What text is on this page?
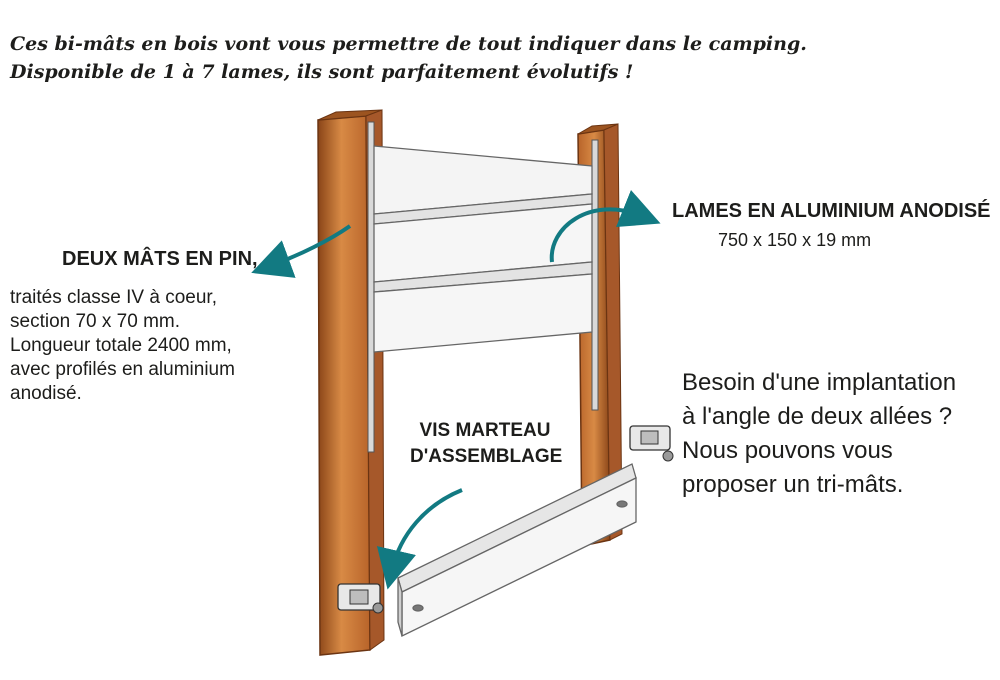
Ces bi-mâts en bois vont vous permettre de tout indiquer dans le camping.
Disponible de 1 à 7 lames, ils sont parfaitement évolutifs !

DEUX MÂTS EN PIN,

traités classe IV à coeur,
section 70 x 70 mm.
Longueur totale 2400 mm,
avec profilés en aluminium
anodisé.

LAMES EN ALUMINIUM ANODISÉ
750 x 150 x 19 mm
VIS MARTEAU
D'ASSEMBLAGE

Besoin d'une implantation
à l'angle de deux allées ?
Nous pouvons vous
proposer un tri-mâts.
